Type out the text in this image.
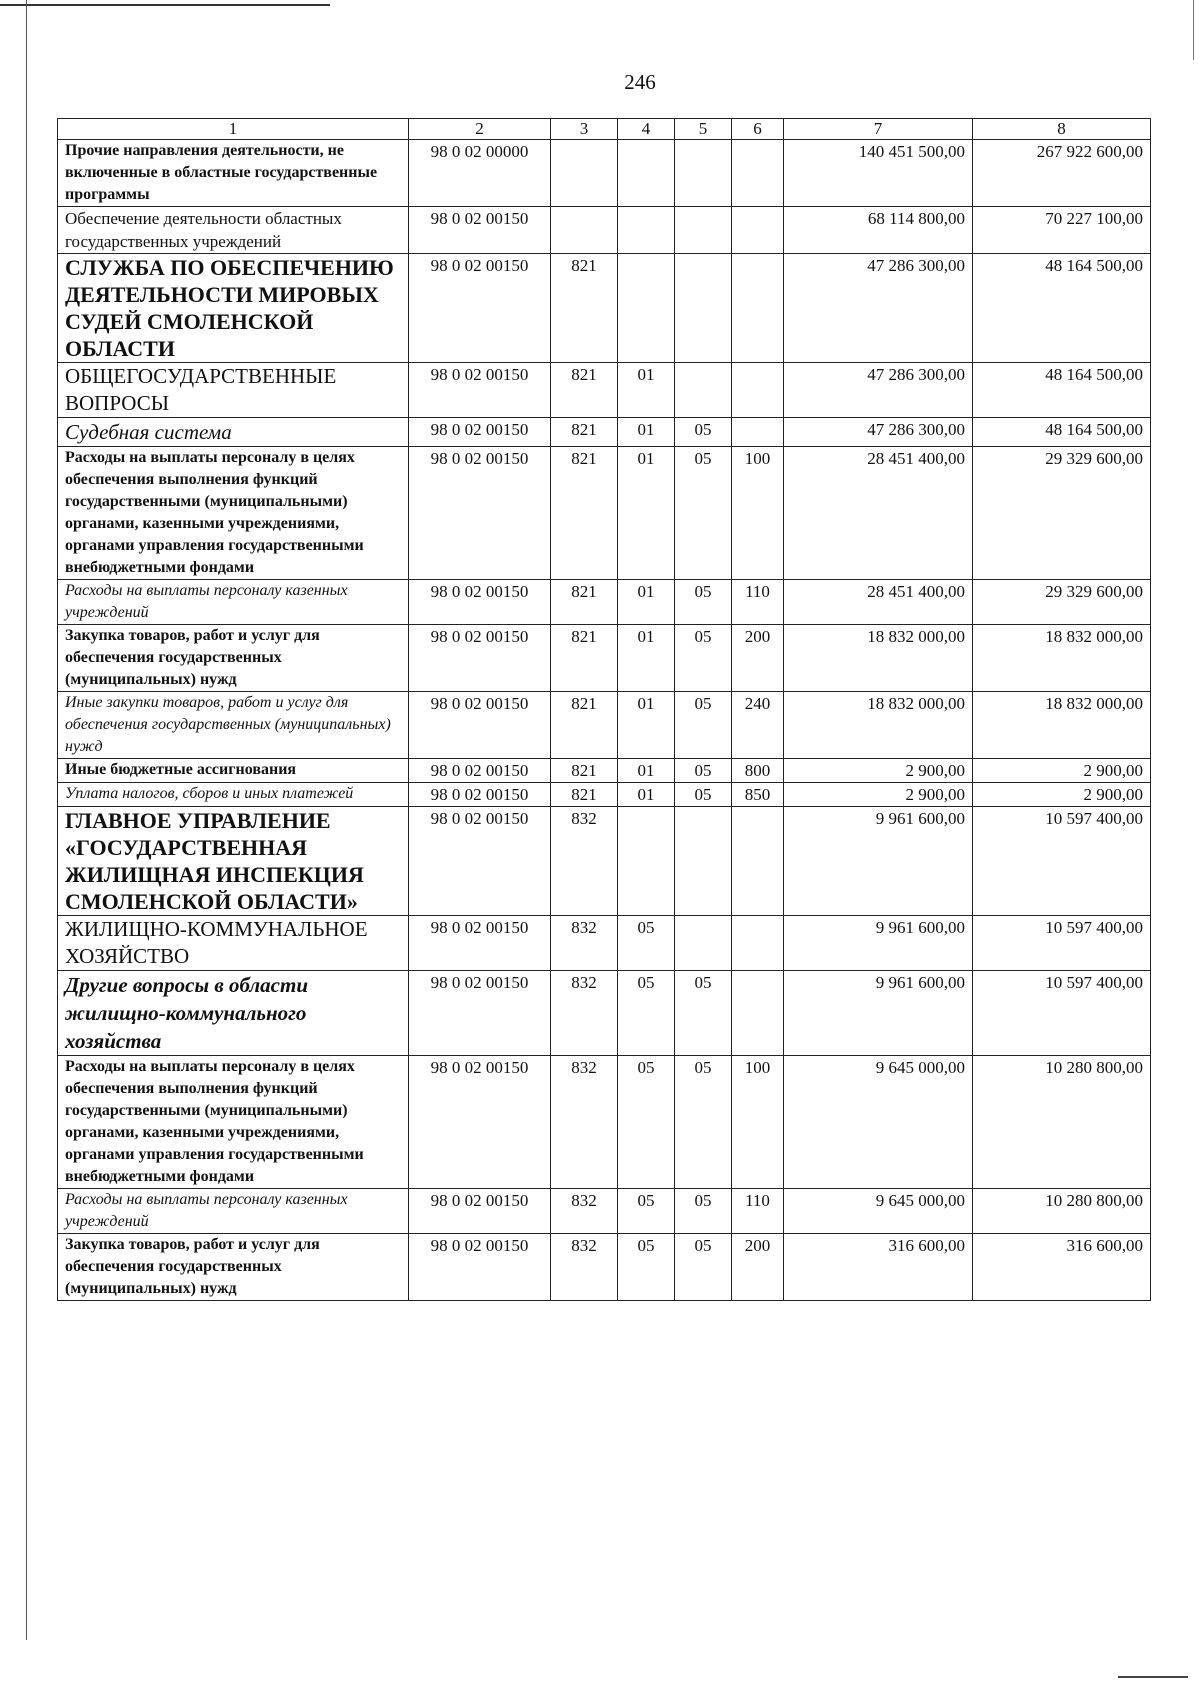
246
1	2	3	4	5	6	7	8
Прочие направления деятельности, не включенные в областные государственные программы	98 0 02 00000					140 451 500,00	267 922 600,00
Обеспечение деятельности областных государственных учреждений	98 0 02 00150					68 114 800,00	70 227 100,00
СЛУЖБА ПО ОБЕСПЕЧЕНИЮ ДЕЯТЕЛЬНОСТИ МИРОВЫХ СУДЕЙ СМОЛЕНСКОЙ ОБЛАСТИ	98 0 02 00150	821				47 286 300,00	48 164 500,00
ОБЩЕГОСУДАРСТВЕННЫЕ ВОПРОСЫ	98 0 02 00150	821	01			47 286 300,00	48 164 500,00
Судебная система	98 0 02 00150	821	01	05		47 286 300,00	48 164 500,00
Расходы на выплаты персоналу в целях обеспечения выполнения функций государственными (муниципальными) органами, казенными учреждениями, органами управления государственными внебюджетными фондами	98 0 02 00150	821	01	05	100	28 451 400,00	29 329 600,00
Расходы на выплаты персоналу казенных учреждений	98 0 02 00150	821	01	05	110	28 451 400,00	29 329 600,00
Закупка товаров, работ и услуг для обеспечения государственных (муниципальных) нужд	98 0 02 00150	821	01	05	200	18 832 000,00	18 832 000,00
Иные закупки товаров, работ и услуг для обеспечения государственных (муниципальных) нужд	98 0 02 00150	821	01	05	240	18 832 000,00	18 832 000,00
Иные бюджетные ассигнования	98 0 02 00150	821	01	05	800	2 900,00	2 900,00
Уплата налогов, сборов и иных платежей	98 0 02 00150	821	01	05	850	2 900,00	2 900,00
ГЛАВНОЕ УПРАВЛЕНИЕ «ГОСУДАРСТВЕННАЯ ЖИЛИЩНАЯ ИНСПЕКЦИЯ СМОЛЕНСКОЙ ОБЛАСТИ»	98 0 02 00150	832				9 961 600,00	10 597 400,00
ЖИЛИЩНО-КОММУНАЛЬНОЕ ХОЗЯЙСТВО	98 0 02 00150	832	05			9 961 600,00	10 597 400,00
Другие вопросы в области жилищно-коммунального хозяйства	98 0 02 00150	832	05	05		9 961 600,00	10 597 400,00
Расходы на выплаты персоналу в целях обеспечения выполнения функций государственными (муниципальными) органами, казенными учреждениями, органами управления государственными внебюджетными фондами	98 0 02 00150	832	05	05	100	9 645 000,00	10 280 800,00
Расходы на выплаты персоналу казенных учреждений	98 0 02 00150	832	05	05	110	9 645 000,00	10 280 800,00
Закупка товаров, работ и услуг для обеспечения государственных (муниципальных) нужд	98 0 02 00150	832	05	05	200	316 600,00	316 600,00
